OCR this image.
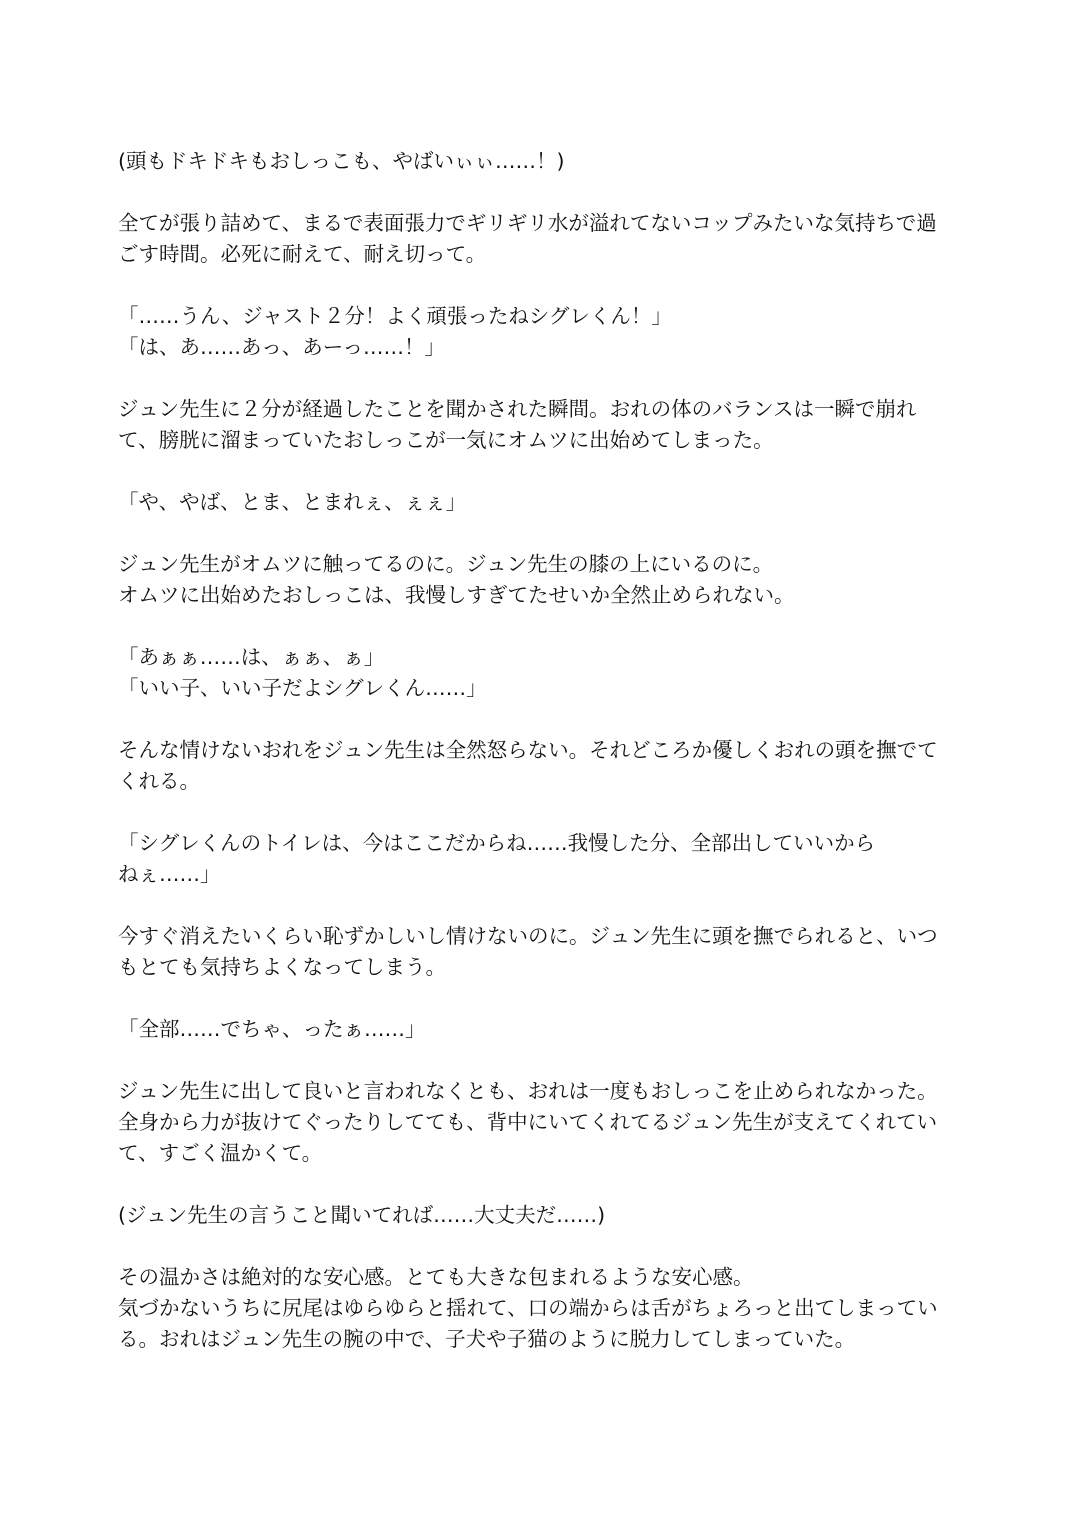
(頭もドキドキもおしっこも、やばいぃぃ……！)
全てが張り詰めて、まるで表面張力でギリギリ水が溢れてないコップみたいな気持ちで過
ごす時間。必死に耐えて、耐え切って。
「……うん、ジャスト２分！よく頑張ったねシグレくん！」
「は、あ……あっ、あーっ……！」
ジュン先生に２分が経過したことを聞かされた瞬間。おれの体のバランスは一瞬で崩れ
て、膀胱に溜まっていたおしっこが一気にオムツに出始めてしまった。
「や、やば、とま、とまれぇ、ぇぇ」
ジュン先生がオムツに触ってるのに。ジュン先生の膝の上にいるのに。
オムツに出始めたおしっこは、我慢しすぎてたせいか全然止められない。
「あぁぁ……は、ぁぁ、ぁ」
「いい子、いい子だよシグレくん……」
そんな情けないおれをジュン先生は全然怒らない。それどころか優しくおれの頭を撫でて
くれる。
「シグレくんのトイレは、今はここだからね……我慢した分、全部出していいから
ねぇ……」
今すぐ消えたいくらい恥ずかしいし情けないのに。ジュン先生に頭を撫でられると、いつ
もとても気持ちよくなってしまう。
「全部……でちゃ、ったぁ……」
ジュン先生に出して良いと言われなくとも、おれは一度もおしっこを止められなかった。
全身から力が抜けてぐったりしてても、背中にいてくれてるジュン先生が支えてくれてい
て、すごく温かくて。
(ジュン先生の言うこと聞いてれば……大丈夫だ……)
その温かさは絶対的な安心感。とても大きな包まれるような安心感。
気づかないうちに尻尾はゆらゆらと揺れて、口の端からは舌がちょろっと出てしまってい
る。おれはジュン先生の腕の中で、子犬や子猫のように脱力してしまっていた。
